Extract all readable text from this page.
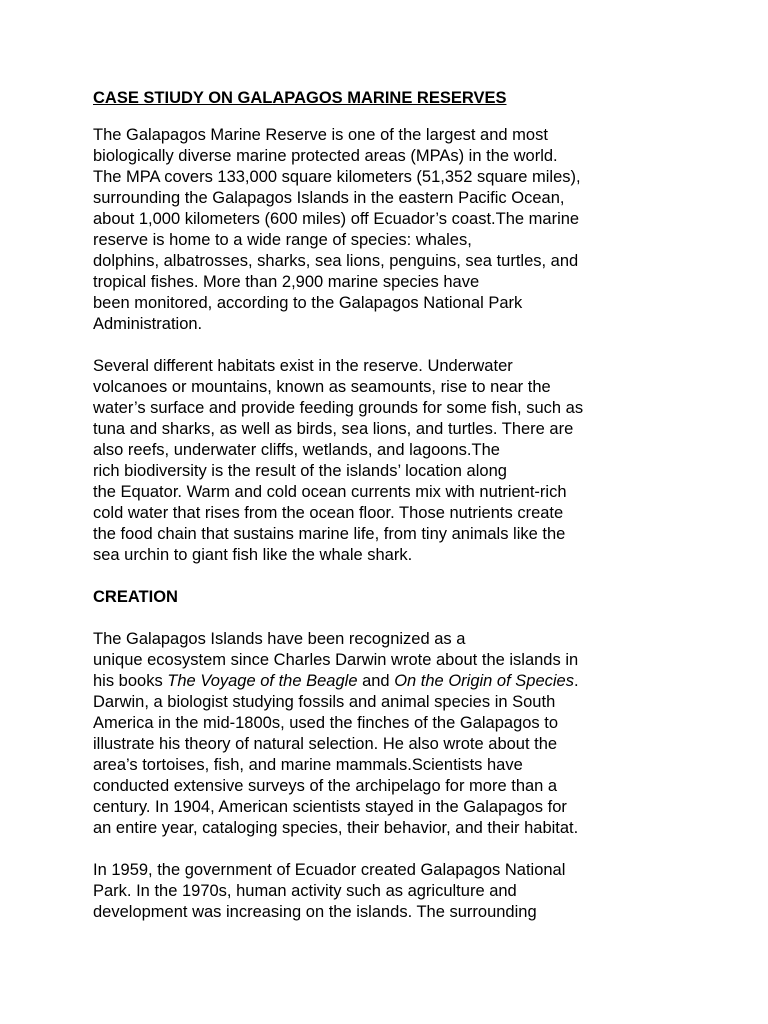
CASE STIUDY ON GALAPAGOS MARINE RESERVES
The Galapagos Marine Reserve is one of the largest and most
biologically diverse marine protected areas (MPAs) in the world.
The MPA covers 133,000 square kilometers (51,352 square miles),
surrounding the Galapagos Islands in the eastern Pacific Ocean,
about 1,000 kilometers (600 miles) off Ecuador’s coast.The marine
reserve is home to a wide range of species: whales,
dolphins, albatrosses, sharks, sea lions, penguins, sea turtles, and
tropical fishes. More than 2,900 marine species have
been monitored, according to the Galapagos National Park
Administration.
Several different habitats exist in the reserve. Underwater
volcanoes or mountains, known as seamounts, rise to near the
water’s surface and provide feeding grounds for some fish, such as
tuna and sharks, as well as birds, sea lions, and turtles. There are
also reefs, underwater cliffs, wetlands, and lagoons.The
rich biodiversity is the result of the islands’ location along
the Equator. Warm and cold ocean currents mix with nutrient-rich
cold water that rises from the ocean floor. Those nutrients create
the food chain that sustains marine life, from tiny animals like the
sea urchin to giant fish like the whale shark.
CREATION
The Galapagos Islands have been recognized as a
unique ecosystem since Charles Darwin wrote about the islands in
his books The Voyage of the Beagle and On the Origin of Species.
Darwin, a biologist studying fossils and animal species in South
America in the mid-1800s, used the finches of the Galapagos to
illustrate his theory of natural selection. He also wrote about the
area’s tortoises, fish, and marine mammals.Scientists have
conducted extensive surveys of the archipelago for more than a
century. In 1904, American scientists stayed in the Galapagos for
an entire year, cataloging species, their behavior, and their habitat.
In 1959, the government of Ecuador created Galapagos National
Park. In the 1970s, human activity such as agriculture and
development was increasing on the islands. The surrounding
